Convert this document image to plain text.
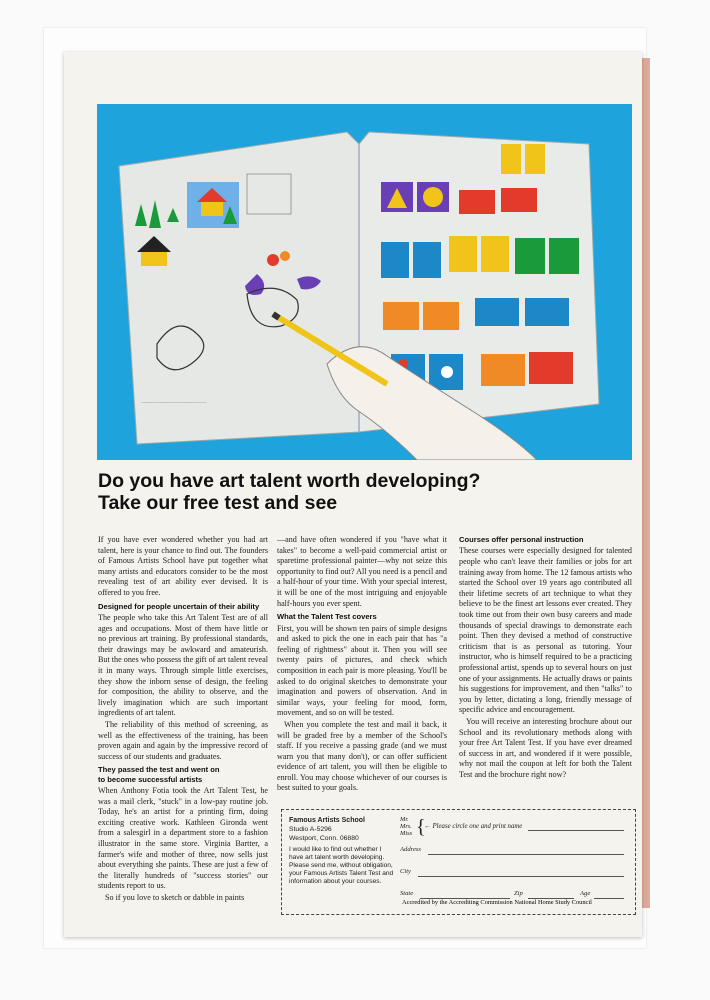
~~~~~~~~~~~~~~~~~~~~~~~~~~~~
Do you have art talent worth developing?
Take our free test and see

If you have ever wondered whether you had art talent, here is your chance to find out. The founders of Famous Artists School have put together what many artists and educators consider to be the most revealing test of art ability ever devised. It is offered to you free.

Designed for people uncertain of their ability

The people who take this Art Talent Test are of all ages and occupations. Most of them have little or no previous art training. By professional standards, their drawings may be awkward and amateurish. But the ones who possess the gift of art talent reveal it in many ways. Through simple little exercises, they show the inborn sense of design, the feeling for composition, the ability to observe, and the lively imagination which are such important ingredients of art talent.

The reliability of this method of screening, as well as the effectiveness of the training, has been proven again and again by the impressive record of success of our students and graduates.

They passed the test and went on
to become successful artists

When Anthony Fotia took the Art Talent Test, he was a mail clerk, "stuck" in a low-pay routine job. Today, he's an artist for a printing firm, doing exciting creative work. Kathleen Gironda went from a salesgirl in a department store to a fashion illustrator in the same store. Virginia Bartter, a farmer's wife and mother of three, now sells just about everything she paints. These are just a few of the literally hundreds of "success stories" our students report to us.

So if you love to sketch or dabble in paints

—and have often wondered if you "have what it takes" to become a well-paid commercial artist or sparetime professional painter—why not seize this opportunity to find out? All you need is a pencil and a half-hour of your time. With your special interest, it will be one of the most intriguing and enjoyable half-hours you ever spent.

What the Talent Test covers

First, you will be shown ten pairs of simple designs and asked to pick the one in each pair that has "a feeling of rightness" about it. Then you will see twenty pairs of pictures, and check which composition in each pair is more pleasing. You'll be asked to do original sketches to demonstrate your imagination and powers of observation. And in similar ways, your feeling for mood, form, movement, and so on will be tested.

When you complete the test and mail it back, it will be graded free by a member of the School's staff. If you receive a passing grade (and we must warn you that many don't), or can offer sufficient evidence of art talent, you will then be eligible to enroll. You may choose whichever of our courses is best suited to your goals.

Courses offer personal instruction

These courses were especially designed for talented people who can't leave their families or jobs for art training away from home. The 12 famous artists who started the School over 19 years ago contributed all their lifetime secrets of art technique to what they believe to be the finest art lessons ever created. They took time out from their own busy careers and made thousands of special drawings to demonstrate each point. Then they devised a method of constructive criticism that is as personal as tutoring. Your instructor, who is himself required to be a practicing professional artist, spends up to several hours on just one of your assignments. He actually draws or paints his suggestions for improvement, and then "talks" to you by letter, dictating a long, friendly message of specific advice and encouragement.

You will receive an interesting brochure about our School and its revolutionary methods along with your free Art Talent Test. If you have ever dreamed of success in art, and wondered if it were possible, why not mail the coupon at left for both the Talent Test and the brochure right now?

Famous Artists School
Studio A-5296
Westport, Conn. 06880
I would like to find out whether I have art talent worth developing. Please send me, without obligation, your Famous Artists Talent Test and information about your courses.
Mr.
Mrs.
Miss {
← Please circle one and print name
Address
City
State	Zip	Age
Accredited by the Accrediting Commission National Home Study Council
